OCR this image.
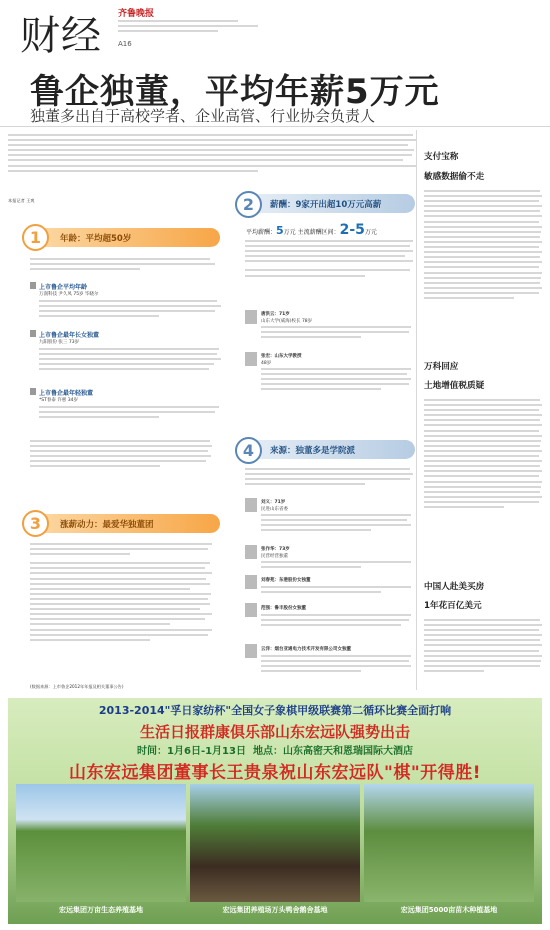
财经 齐鲁晚报
A16
鲁企独董，平均年薪5万元
独董多出自于高校学者、企业高管、行业协会负责人
本报记者 王爽	2	薪酬：9家开出超10万元高薪
平均薪酬：5万元 主流薪酬区间：2-5万元
1	年龄：平均超50岁
上市鲁企平均年龄
万润科技 尹久凤 75岁 毕晓尔
上市鲁企最年长女独董
九阳股份 张三 73岁
上市鲁企最年轻独董
*ST春泰 许惠 34岁
3	涨薪动力：最爱华独董团
(数据来源：上市鲁企2012年年报及相关董事公告)
唐洪云：71岁
山东大学(威海)校长 78岁
张宏：山东大学教授
48岁
4	来源：独董多是学院派
刘义：71岁
民进山东省委
张作华：73岁
民营经营独董
刘春苑：东港股份女独董
范强：鲁丰股份女独董
云洋：烟台亚通电力技术开发有限公司女独董
支付宝称
敏感数据偷不走
万科回应
土地增值税质疑
中国人赴美买房
1年花百亿美元
2013-2014"孚日家纺杯"全国女子象棋甲级联赛第二循环比赛全面打响
生活日报群康俱乐部山东宏远队强势出击
时间：1月6日-1月13日 地点：山东高密天和恩瑞国际大酒店
山东宏远集团董事长王贵泉祝山东宏远队"棋"开得胜!
宏远集团万亩生态养殖基地	宏远集团养殖场万头鸭舍鹅舍基地	宏远集团5000亩苗木种植基地
